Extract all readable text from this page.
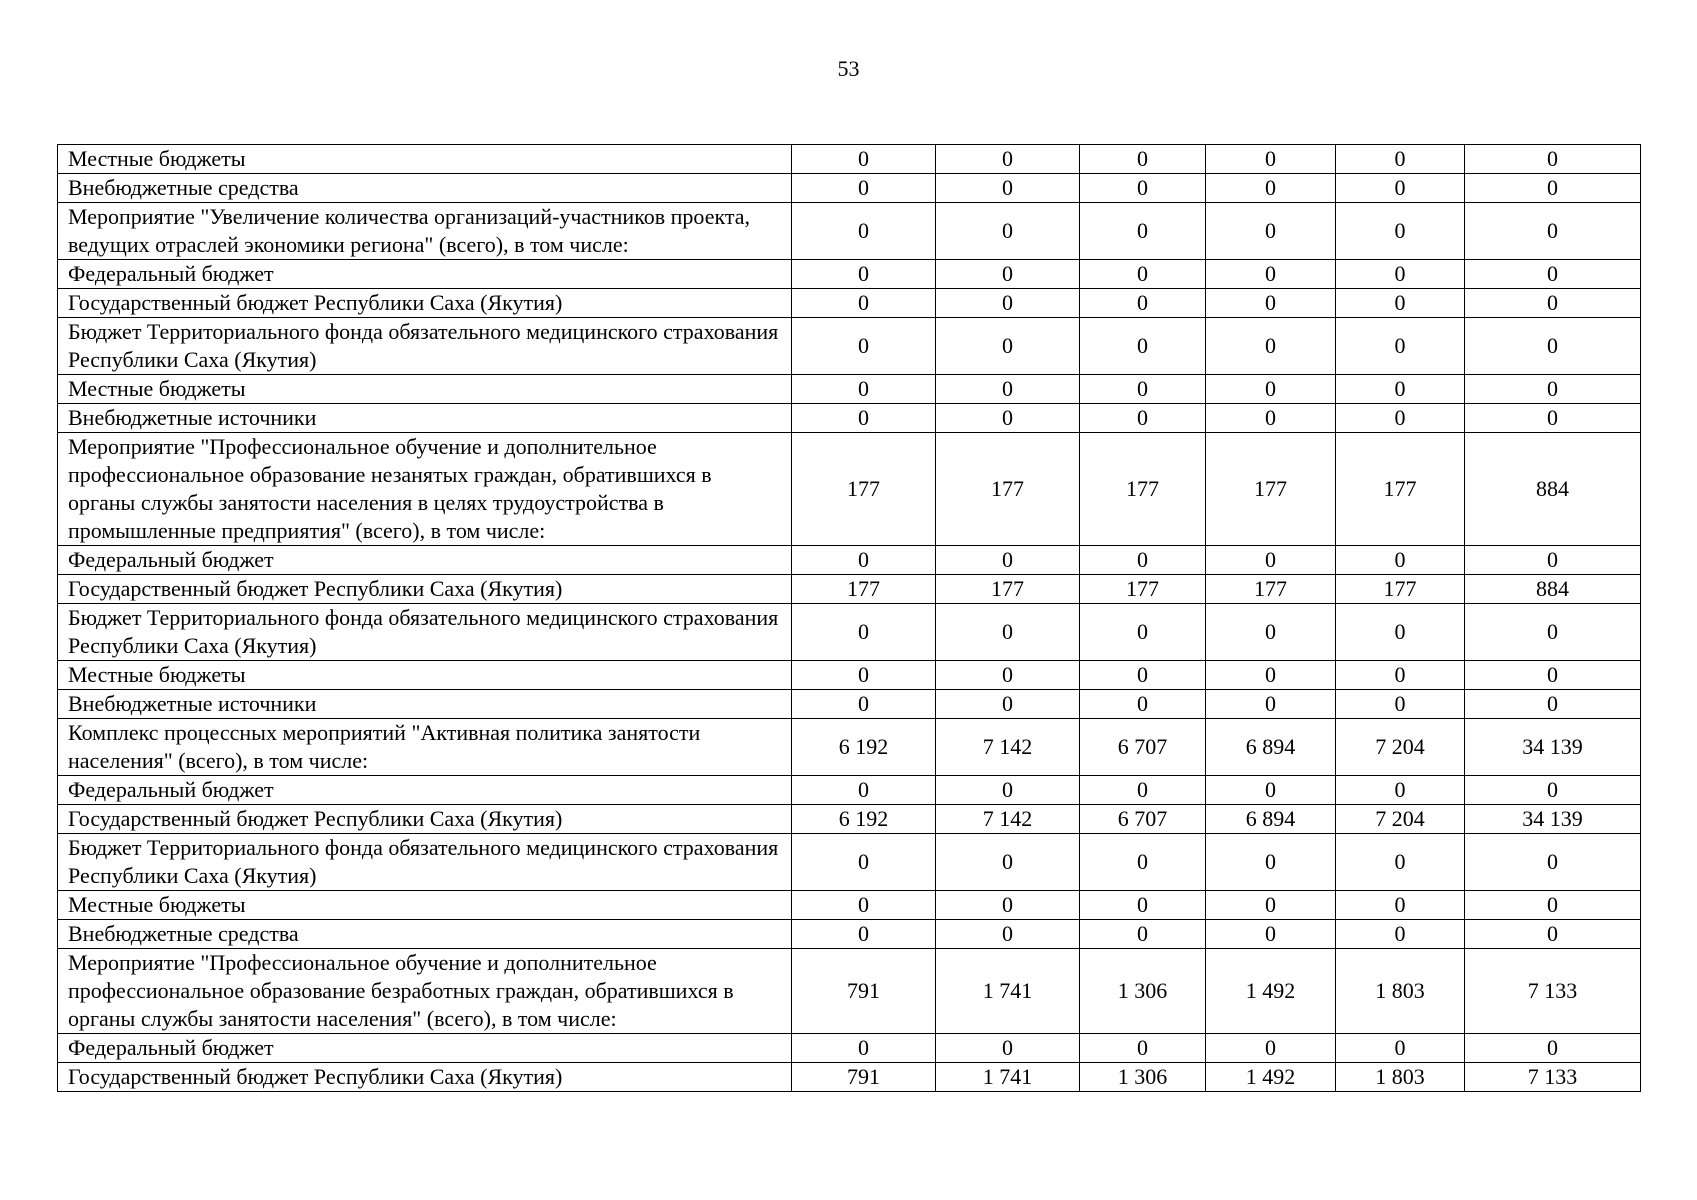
53
Местные бюджеты	0	0	0	0	0	0
Внебюджетные средства	0	0	0	0	0	0
Мероприятие "Увеличение количества организаций-участников проекта, ведущих отраслей экономики региона" (всего), в том числе:	0	0	0	0	0	0
Федеральный бюджет	0	0	0	0	0	0
Государственный бюджет Республики Саха (Якутия)	0	0	0	0	0	0
Бюджет Территориального фонда обязательного медицинского страхования Республики Саха (Якутия)	0	0	0	0	0	0
Местные бюджеты	0	0	0	0	0	0
Внебюджетные источники	0	0	0	0	0	0
Мероприятие "Профессиональное обучение и дополнительное профессиональное образование незанятых граждан, обратившихся в органы службы занятости населения в целях трудоустройства в промышленные предприятия" (всего), в том числе:	177	177	177	177	177	884
Федеральный бюджет	0	0	0	0	0	0
Государственный бюджет Республики Саха (Якутия)	177	177	177	177	177	884
Бюджет Территориального фонда обязательного медицинского страхования Республики Саха (Якутия)	0	0	0	0	0	0
Местные бюджеты	0	0	0	0	0	0
Внебюджетные источники	0	0	0	0	0	0
Комплекс процессных мероприятий "Активная политика занятости населения" (всего), в том числе:	6 192	7 142	6 707	6 894	7 204	34 139
Федеральный бюджет	0	0	0	0	0	0
Государственный бюджет Республики Саха (Якутия)	6 192	7 142	6 707	6 894	7 204	34 139
Бюджет Территориального фонда обязательного медицинского страхования Республики Саха (Якутия)	0	0	0	0	0	0
Местные бюджеты	0	0	0	0	0	0
Внебюджетные средства	0	0	0	0	0	0
Мероприятие "Профессиональное обучение и дополнительное профессиональное образование безработных граждан, обратившихся в органы службы занятости населения" (всего), в том числе:	791	1 741	1 306	1 492	1 803	7 133
Федеральный бюджет	0	0	0	0	0	0
Государственный бюджет Республики Саха (Якутия)	791	1 741	1 306	1 492	1 803	7 133
